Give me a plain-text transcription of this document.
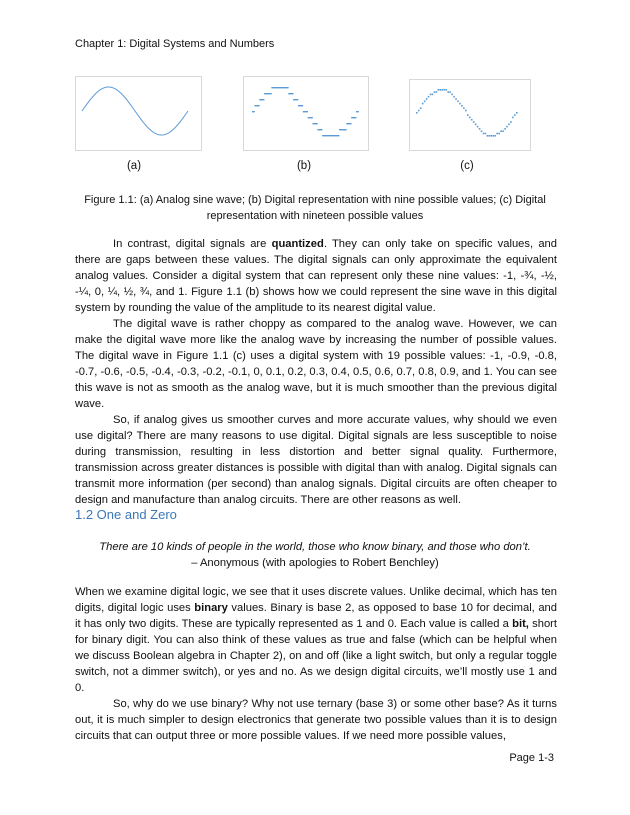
Chapter 1: Digital Systems and Numbers
(a)	(b)	(c)
Figure 1.1: (a) Analog sine wave; (b) Digital representation with nine possible values; (c) Digital representation with nineteen possible values

In contrast, digital signals are quantized. They can only take on specific values, and there are gaps between these values. The digital signals can only approximate the equivalent analog values. Consider a digital system that can represent only these nine values: -1, -¾, -½, -¼, 0, ¼, ½, ¾, and 1. Figure 1.1 (b) shows how we could represent the sine wave in this digital system by rounding the value of the amplitude to its nearest digital value.

The digital wave is rather choppy as compared to the analog wave. However, we can make the digital wave more like the analog wave by increasing the number of possible values. The digital wave in Figure 1.1 (c) uses a digital system with 19 possible values: -1, -0.9, -0.8, -0.7, -0.6, -0.5, -0.4, -0.3, -0.2, -0.1, 0, 0.1, 0.2, 0.3, 0.4, 0.5, 0.6, 0.7, 0.8, 0.9, and 1. You can see this wave is not as smooth as the analog wave, but it is much smoother than the previous digital wave.

So, if analog gives us smoother curves and more accurate values, why should we even use digital? There are many reasons to use digital. Digital signals are less susceptible to noise during transmission, resulting in less distortion and better signal quality. Furthermore, transmission across greater distances is possible with digital than with analog. Digital signals can transmit more information (per second) than analog signals. Digital circuits are often cheaper to design and manufacture than analog circuits. There are other reasons as well.

1.2 One and Zero
There are 10 kinds of people in the world, those who know binary, and those who don’t. – Anonymous (with apologies to Robert Benchley)

When we examine digital logic, we see that it uses discrete values. Unlike decimal, which has ten digits, digital logic uses binary values. Binary is base 2, as opposed to base 10 for decimal, and it has only two digits. These are typically represented as 1 and 0. Each value is called a bit, short for binary digit. You can also think of these values as true and false (which can be helpful when we discuss Boolean algebra in Chapter 2), on and off (like a light switch, but only a regular toggle switch, not a dimmer switch), or yes and no. As we design digital circuits, we’ll mostly use 1 and 0.

So, why do we use binary? Why not use ternary (base 3) or some other base? As it turns out, it is much simpler to design electronics that generate two possible values than it is to design circuits that can output three or more possible values. If we need more possible values,

Page 1-3
